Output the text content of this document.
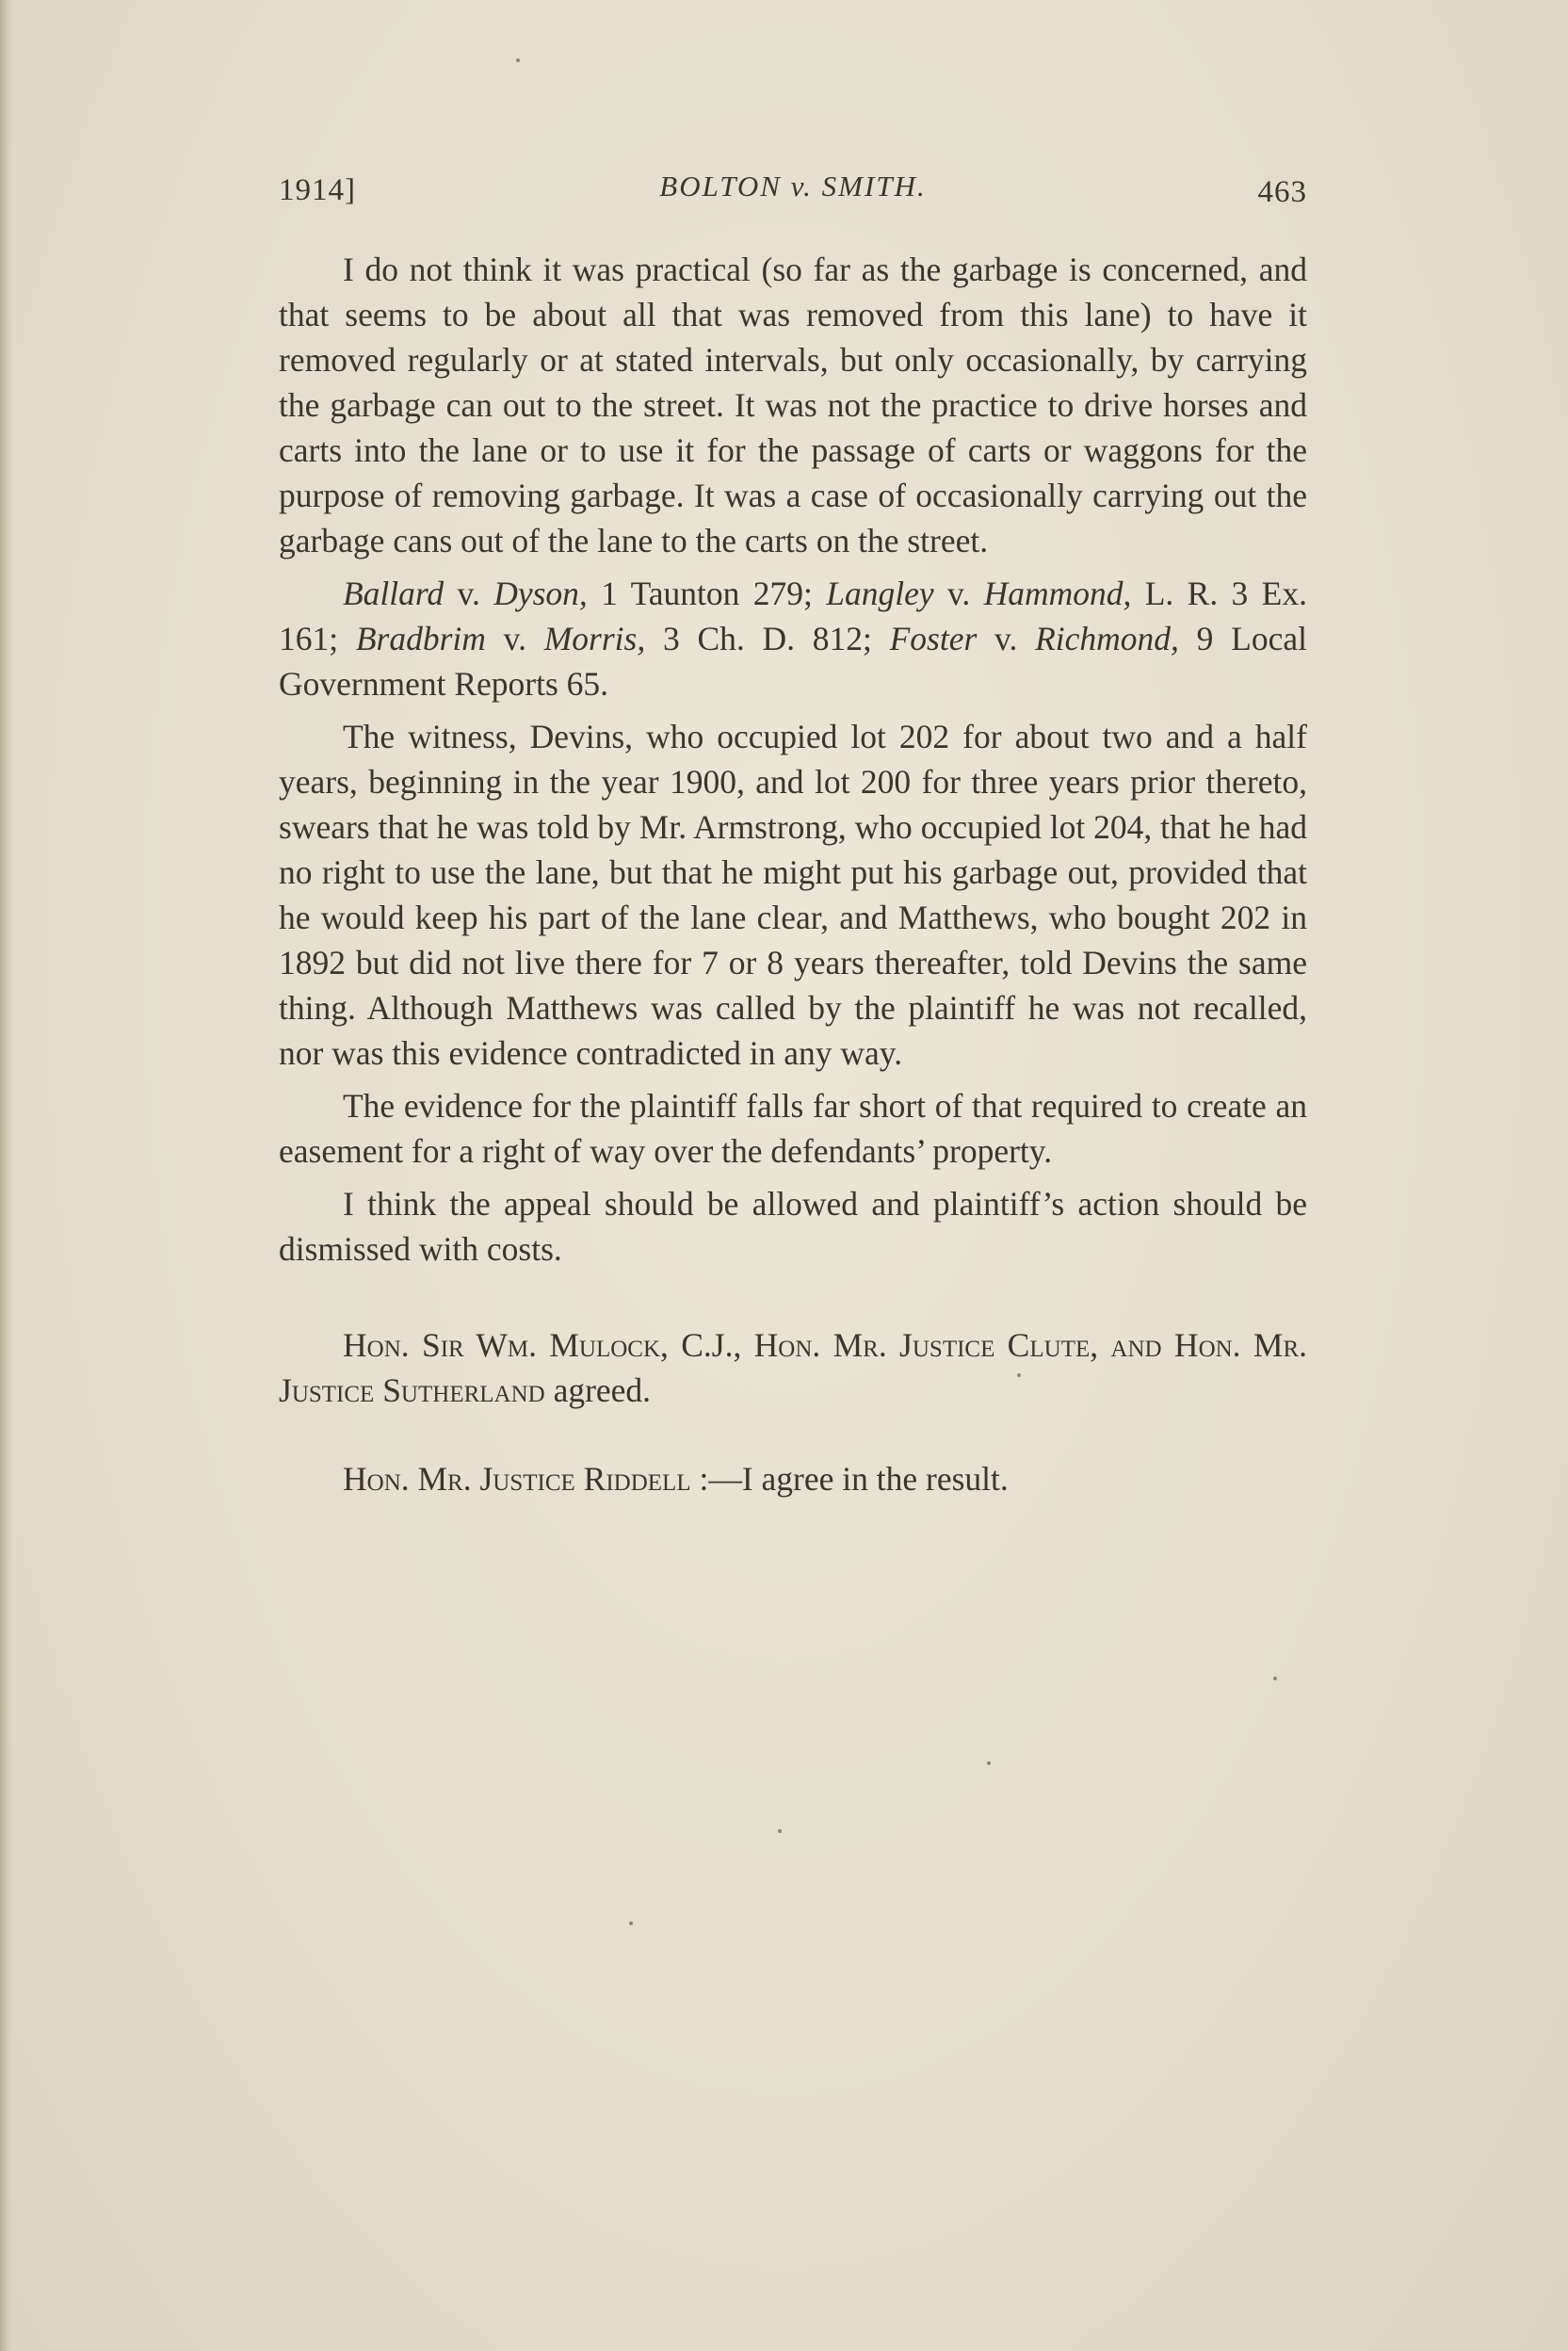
1914]	BOLTON v. SMITH.	463

I do not think it was practical (so far as the garbage is concerned, and that seems to be about all that was removed from this lane) to have it removed regularly or at stated intervals, but only occasionally, by carrying the garbage can out to the street. It was not the practice to drive horses and carts into the lane or to use it for the passage of carts or waggons for the purpose of removing garbage. It was a case of occasionally carrying out the garbage cans out of the lane to the carts on the street.

Ballard v. Dyson, 1 Taunton 279; Langley v. Hammond, L. R. 3 Ex. 161; Bradbrim v. Morris, 3 Ch. D. 812; Foster v. Richmond, 9 Local Government Reports 65.

The witness, Devins, who occupied lot 202 for about two and a half years, beginning in the year 1900, and lot 200 for three years prior thereto, swears that he was told by Mr. Armstrong, who occupied lot 204, that he had no right to use the lane, but that he might put his garbage out, provided that he would keep his part of the lane clear, and Matthews, who bought 202 in 1892 but did not live there for 7 or 8 years thereafter, told Devins the same thing. Although Matthews was called by the plaintiff he was not recalled, nor was this evidence contradicted in any way.

The evidence for the plaintiff falls far short of that required to create an easement for a right of way over the defendants’ property.

I think the appeal should be allowed and plaintiff’s action should be dismissed with costs.

Hon. Sir Wm. Mulock, C.J., Hon. Mr. Justice Clute, and Hon. Mr. Justice Sutherland agreed.

Hon. Mr. Justice Riddell :—I agree in the result.
